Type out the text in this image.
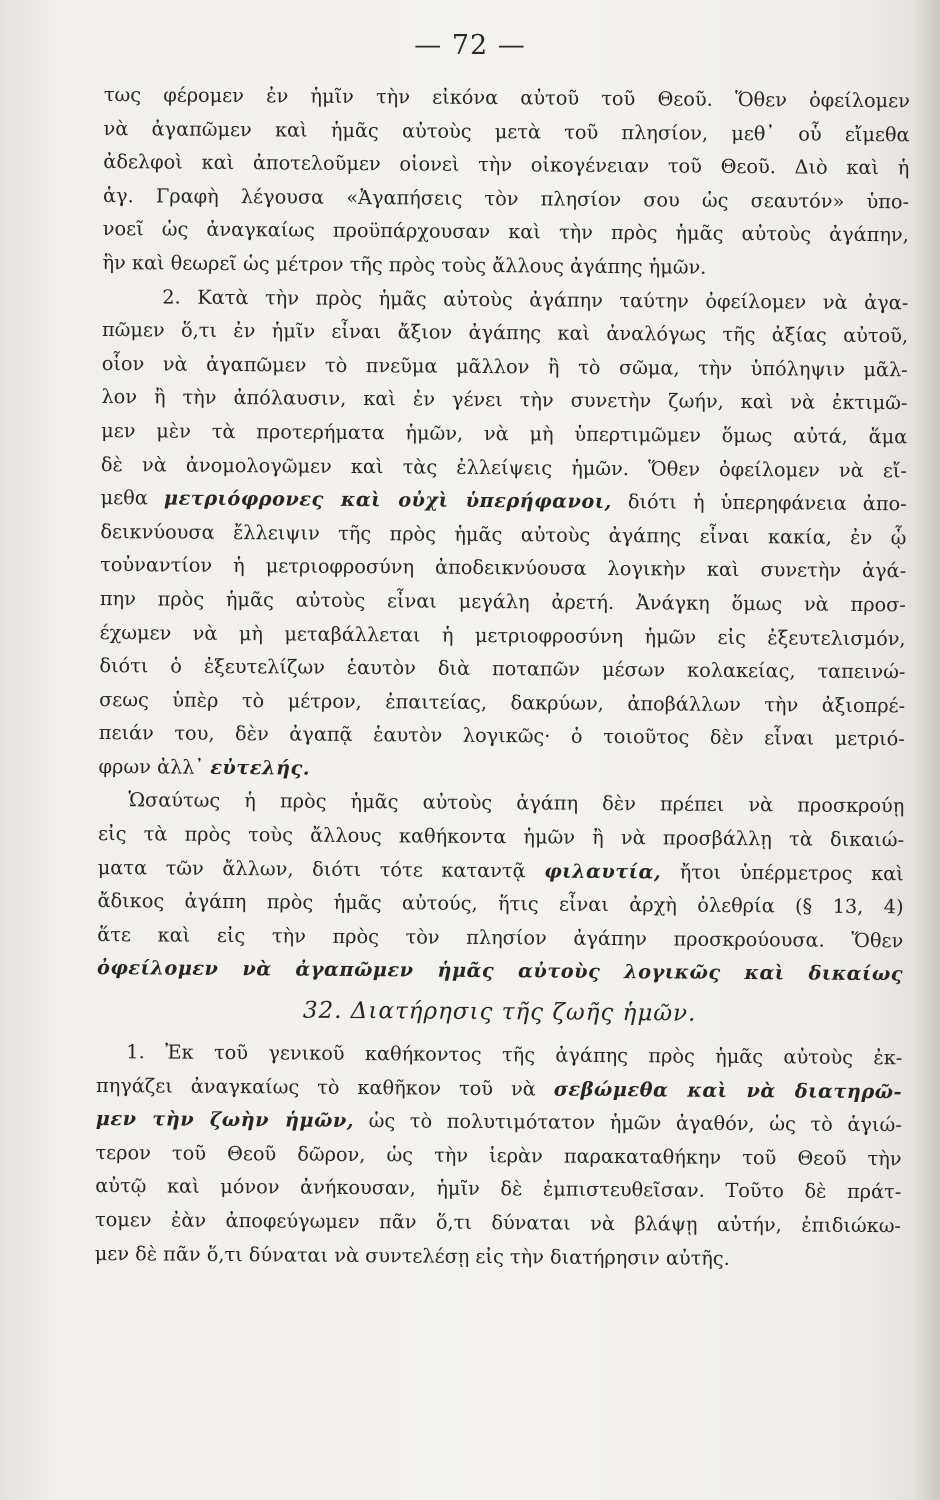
— 72 —
τως φέρομεν ἐν ἡμῖν τὴν εἰκόνα αὐτοῦ τοῦ Θεοῦ. Ὅθεν ὀφείλομεν
νὰ ἀγαπῶμεν καὶ ἡμᾶς αὐτοὺς μετὰ τοῦ πλησίον, μεθ᾽ οὗ εἴμεθα
ἀδελφοὶ καὶ ἀποτελοῦμεν οἱονεὶ τὴν οἰκογένειαν τοῦ Θεοῦ. Διὸ καὶ ἡ
ἁγ. Γραφὴ λέγουσα «Ἀγαπήσεις τὸν πλησίον σου ὡς σεαυτόν» ὑπο-
νοεῖ ὡς ἀναγκαίως προϋπάρχουσαν καὶ τὴν πρὸς ἡμᾶς αὐτοὺς ἀγάπην,
ἣν καὶ θεωρεῖ ὡς μέτρον τῆς πρὸς τοὺς ἄλλους ἀγάπης ἡμῶν.
2. Κατὰ τὴν πρὸς ἡμᾶς αὐτοὺς ἀγάπην ταύτην ὀφείλομεν νὰ ἀγα-
πῶμεν ὅ,τι ἐν ἡμῖν εἶναι ἄξιον ἀγάπης καὶ ἀναλόγως τῆς ἀξίας αὐτοῦ,
οἷον νὰ ἀγαπῶμεν τὸ πνεῦμα μᾶλλον ἢ τὸ σῶμα, τὴν ὑπόληψιν μᾶλ-
λον ἢ τὴν ἀπόλαυσιν, καὶ ἐν γένει τὴν συνετὴν ζωήν, καὶ νὰ ἐκτιμῶ-
μεν μὲν τὰ προτερήματα ἡμῶν, νὰ μὴ ὑπερτιμῶμεν ὅμως αὐτά, ἅμα
δὲ νὰ ἀνομολογῶμεν καὶ τὰς ἐλλείψεις ἡμῶν. Ὅθεν ὀφείλομεν νὰ εἴ-
μεθα μετριόφρονες καὶ οὐχὶ ὑπερήφανοι, διότι ἡ ὑπερηφάνεια ἀπο-
δεικνύουσα ἔλλειψιν τῆς πρὸς ἡμᾶς αὐτοὺς ἀγάπης εἶναι κακία, ἐν ᾧ
τοὐναντίον ἡ μετριοφροσύνη ἀποδεικνύουσα λογικὴν καὶ συνετὴν ἀγά-
πην πρὸς ἡμᾶς αὐτοὺς εἶναι μεγάλη ἀρετή. Ἀνάγκη ὅμως νὰ προσ-
έχωμεν νὰ μὴ μεταβάλλεται ἡ μετριοφροσύνη ἡμῶν εἰς ἐξευτελισμόν,
διότι ὁ ἐξευτελίζων ἑαυτὸν διὰ ποταπῶν μέσων κολακείας, ταπεινώ-
σεως ὑπὲρ τὸ μέτρον, ἐπαιτείας, δακρύων, ἀποβάλλων τὴν ἀξιοπρέ-
πειάν του, δὲν ἀγαπᾷ ἑαυτὸν λογικῶς· ὁ τοιοῦτος δὲν εἶναι μετριό-
φρων ἀλλ᾽ εὐτελής.
Ὡσαύτως ἡ πρὸς ἡμᾶς αὐτοὺς ἀγάπη δὲν πρέπει νὰ προσκρούῃ
εἰς τὰ πρὸς τοὺς ἄλλους καθήκοντα ἡμῶν ἢ νὰ προσβάλλῃ τὰ δικαιώ-
ματα τῶν ἄλλων, διότι τότε καταντᾷ φιλαυτία, ἤτοι ὑπέρμετρος καὶ
ἄδικος ἀγάπη πρὸς ἡμᾶς αὐτούς, ἥτις εἶναι ἀρχὴ ὀλεθρία (§ 13, 4)
ἅτε καὶ εἰς τὴν πρὸς τὸν πλησίον ἀγάπην προσκρούουσα. Ὅθεν
ὀφείλομεν νὰ ἀγαπῶμεν ἡμᾶς αὐτοὺς λογικῶς καὶ δικαίως
32. Διατήρησις τῆς ζωῆς ἡμῶν.
1. Ἐκ τοῦ γενικοῦ καθήκοντος τῆς ἀγάπης πρὸς ἡμᾶς αὐτοὺς ἐκ-
πηγάζει ἀναγκαίως τὸ καθῆκον τοῦ νὰ σεβώμεθα καὶ νὰ διατηρῶ-
μεν τὴν ζωὴν ἡμῶν, ὡς τὸ πολυτιμότατον ἡμῶν ἀγαθόν, ὡς τὸ ἁγιώ-
τερον τοῦ Θεοῦ δῶρον, ὡς τὴν ἱερὰν παρακαταθήκην τοῦ Θεοῦ τὴν
αὐτῷ καὶ μόνον ἀνήκουσαν, ἡμῖν δὲ ἐμπιστευθεῖσαν. Τοῦτο δὲ πράτ-
τομεν ἐὰν ἀποφεύγωμεν πᾶν ὅ,τι δύναται νὰ βλάψῃ αὐτήν, ἐπιδιώκω-
μεν δὲ πᾶν ὅ,τι δύναται νὰ συντελέσῃ εἰς τὴν διατήρησιν αὐτῆς.
